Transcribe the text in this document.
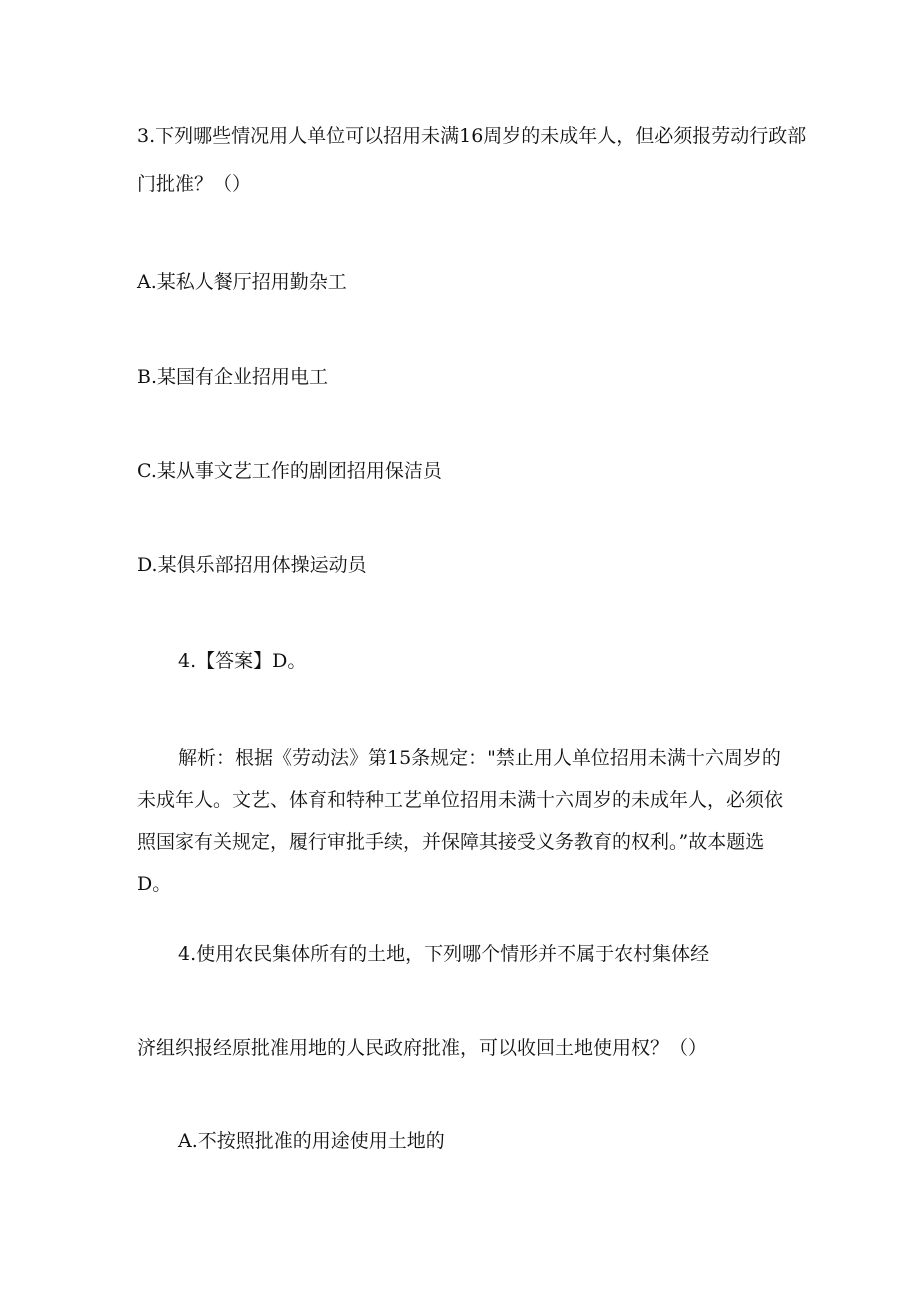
3.下列哪些情况用人单位可以招用未满16周岁的未成年人，但必须报劳动行政部
门批准？（）
A.某私人餐厅招用勤杂工
B.某国有企业招用电工
C.某从事文艺工作的剧团招用保洁员
D.某俱乐部招用体操运动员
4.【答案】D。
解析：根据《劳动法》第15条规定："禁止用人单位招用未满十六周岁的未成年人。文艺、体育和特种工艺单位招用未满十六周岁的未成年人，必须依照国家有关规定，履行审批手续，并保障其接受义务教育的权利。”故本题选D。
4.使用农民集体所有的土地，下列哪个情形并不属于农村集体经
济组织报经原批准用地的人民政府批准，可以收回土地使用权？（）
A.不按照批准的用途使用土地的
